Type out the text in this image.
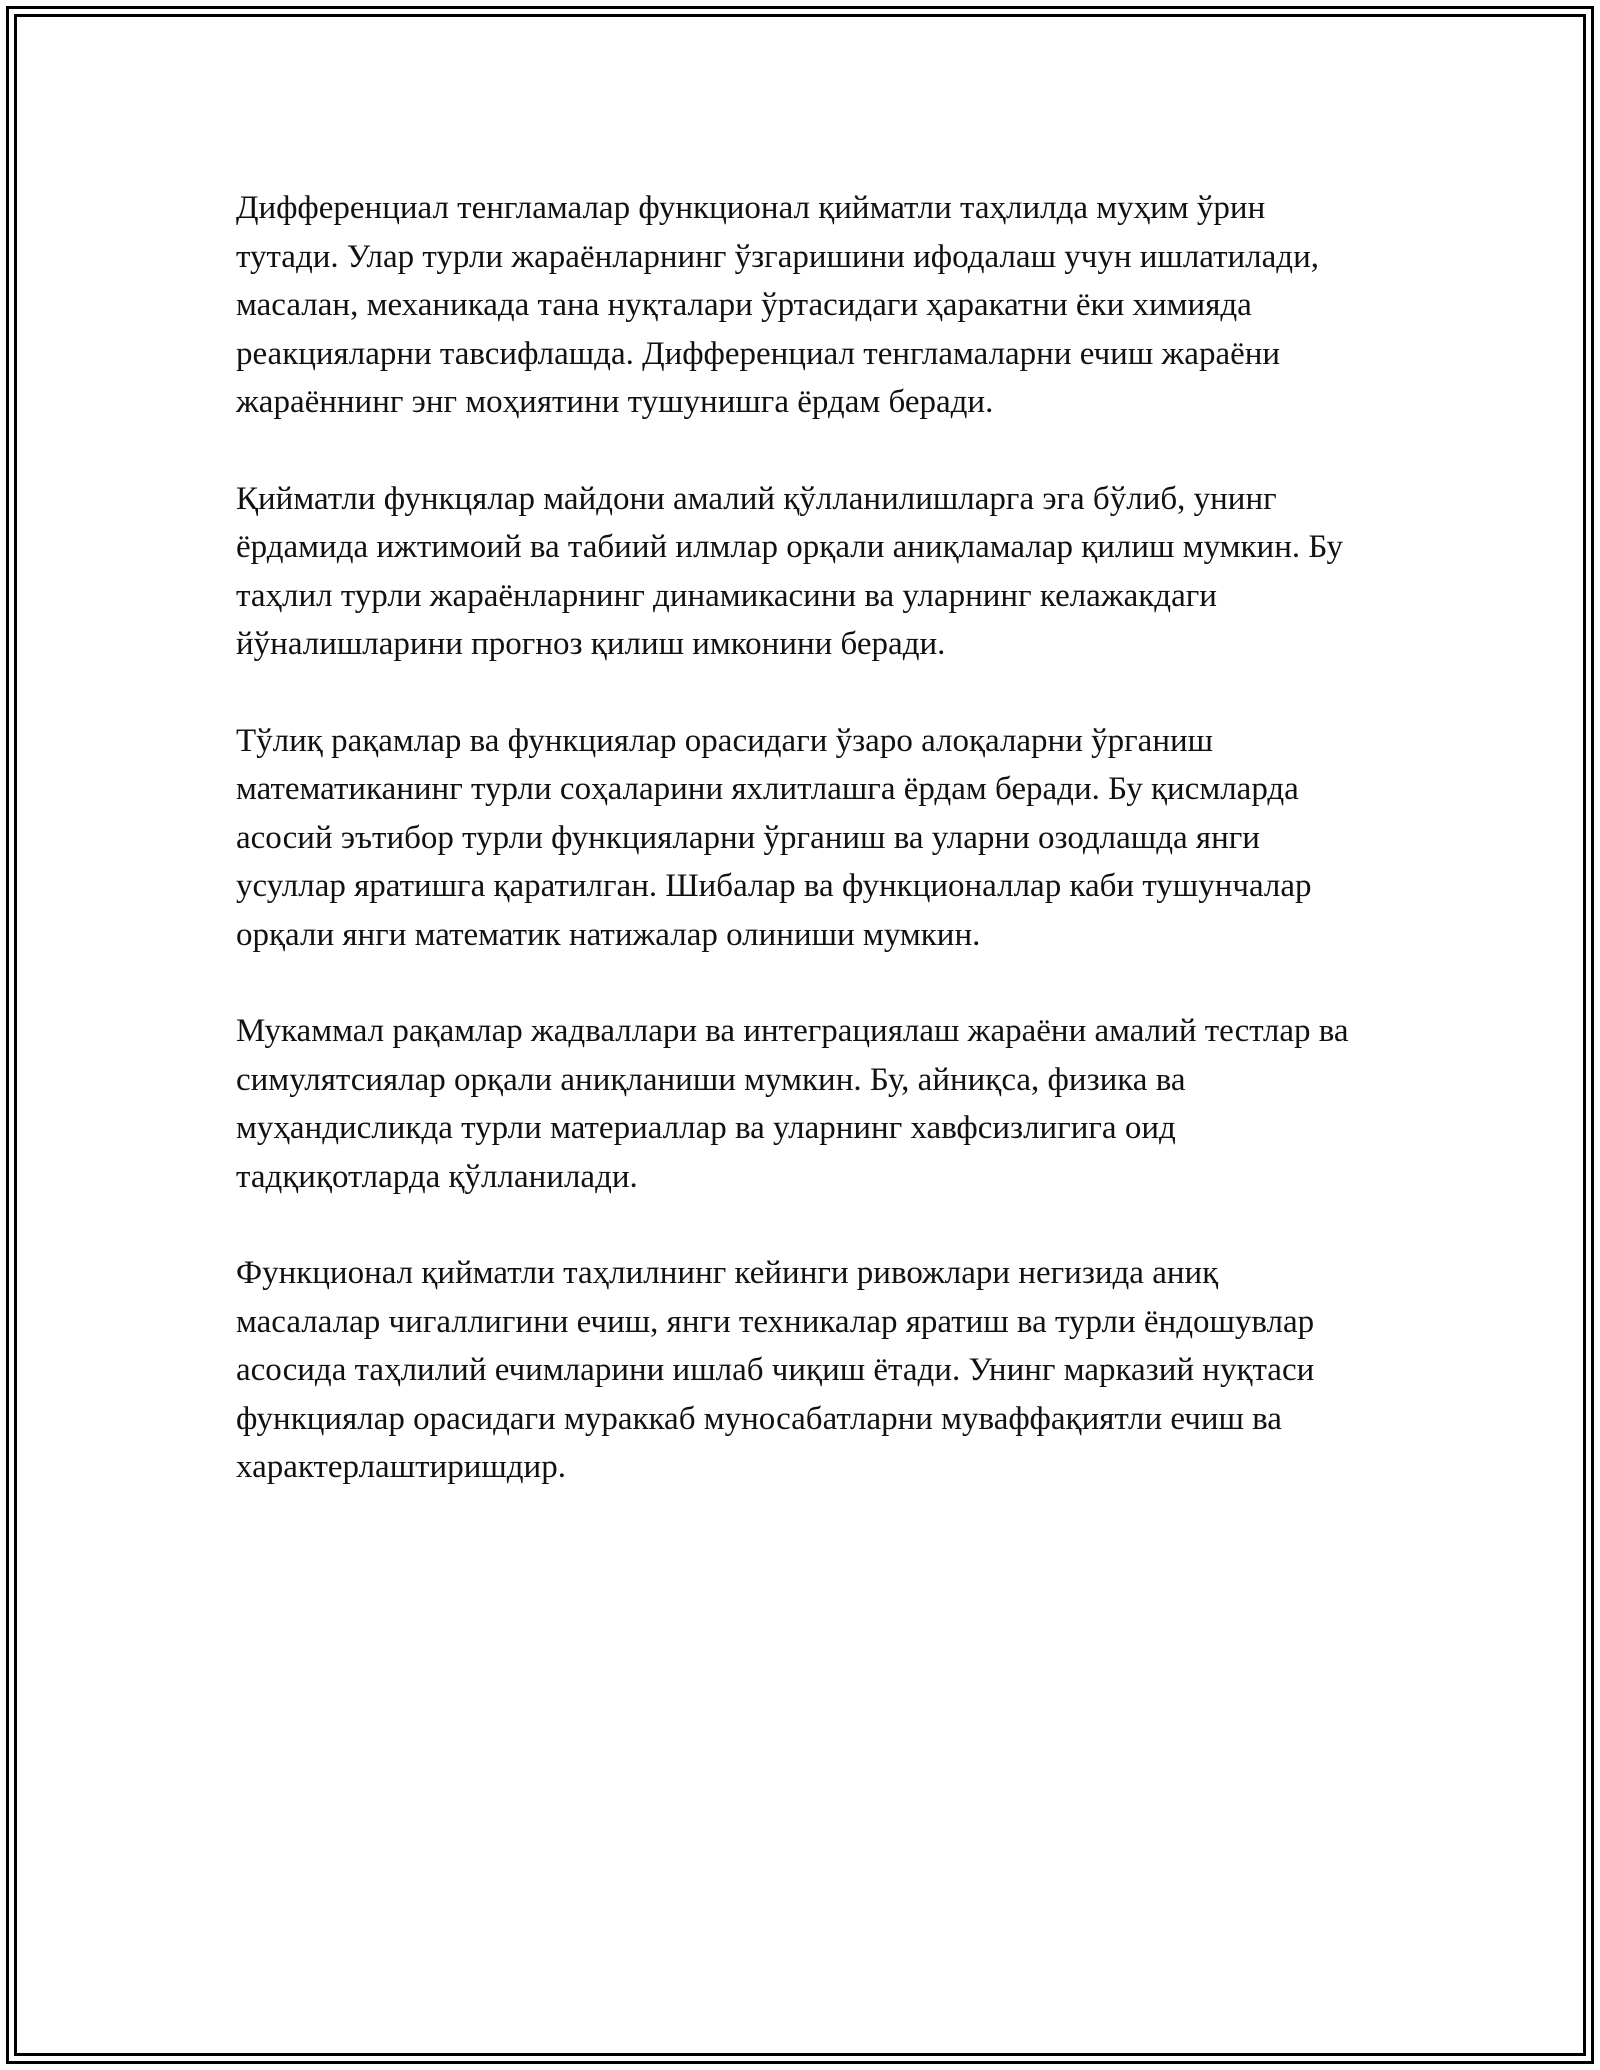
Дифференциал тенгламалар функционал қийматли таҳлилда муҳим ўрин тутади. Улар турли жараёнларнинг ўзгаришини ифодалаш учун ишлатилади, масалан, механикада тана нуқталари ўртасидаги ҳаракатни ёки химияда реакцияларни тавсифлашда. Дифференциал тенгламаларни ечиш жараёни жараённинг энг моҳиятини тушунишга ёрдам беради.

Қийматли функцялар майдони амалий қўлланилишларга эга бўлиб, унинг ёрдамида ижтимоий ва табиий илмлар орқали аниқламалар қилиш мумкин. Бу таҳлил турли жараёнларнинг динамикасини ва уларнинг келажакдаги йўналишларини прогноз қилиш имконини беради.

Тўлиқ рақамлар ва функциялар орасидаги ўзаро алоқаларни ўрганиш математиканинг турли соҳаларини яхлитлашга ёрдам беради. Бу қисмларда асосий эътибор турли функцияларни ўрганиш ва уларни озодлашда янги усуллар яратишга қаратилган. Шибалар ва функционаллар каби тушунчалар орқали янги математик натижалар олиниши мумкин.

Мукаммал рақамлар жадваллари ва интеграциялаш жараёни амалий тестлар ва симулятсиялар орқали аниқланиши мумкин. Бу, айниқса, физика ва муҳандисликда турли материаллар ва уларнинг хавфсизлигига оид тадқиқотларда қўлланилади.

Функционал қийматли таҳлилнинг кейинги ривожлари негизида аниқ масалалар чигаллигини ечиш, янги техникалар яратиш ва турли ёндошувлар асосида таҳлилий ечимларини ишлаб чиқиш ётади. Унинг марказий нуқтаси функциялар орасидаги мураккаб муносабатларни муваффақиятли ечиш ва характерлаштиришдир.
